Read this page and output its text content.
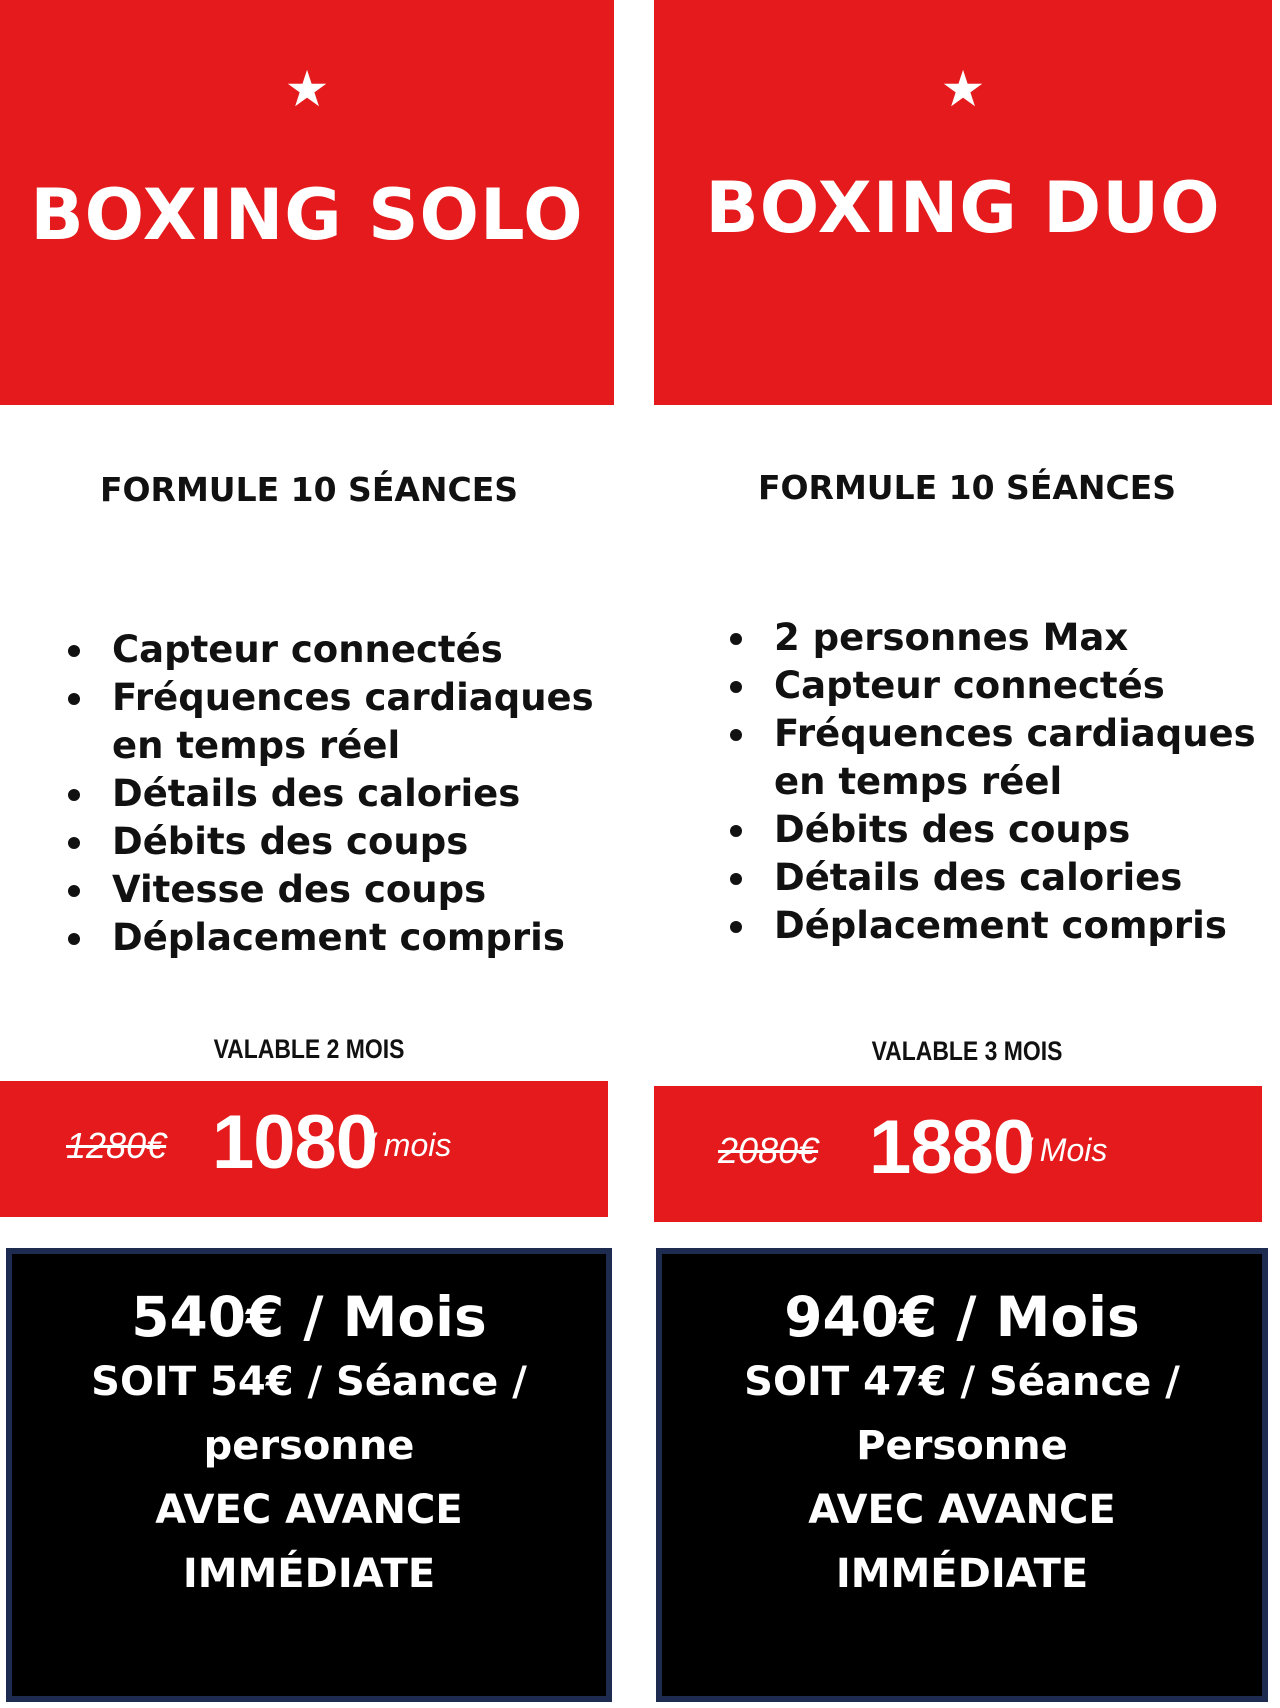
★
BOXING SOLO
FORMULE 10 SÉANCES
Capteur connectés
Fréquences cardiaques en temps réel
Détails des calories
Débits des coups
Vitesse des coups
Déplacement compris
VALABLE 2 MOIS
1280€ 1080
/ mois
540€ / Mois
SOIT 54€ / Séance /
personne
AVEC AVANCE
IMMÉDIATE
★
BOXING DUO
FORMULE 10 SÉANCES
2 personnes Max
Capteur connectés
Fréquences cardiaques en temps réel
Débits des coups
Détails des calories
Déplacement compris
VALABLE 3 MOIS
2080€ 1880
/ Mois
940€ / Mois
SOIT 47€ / Séance /
Personne
AVEC AVANCE
IMMÉDIATE
